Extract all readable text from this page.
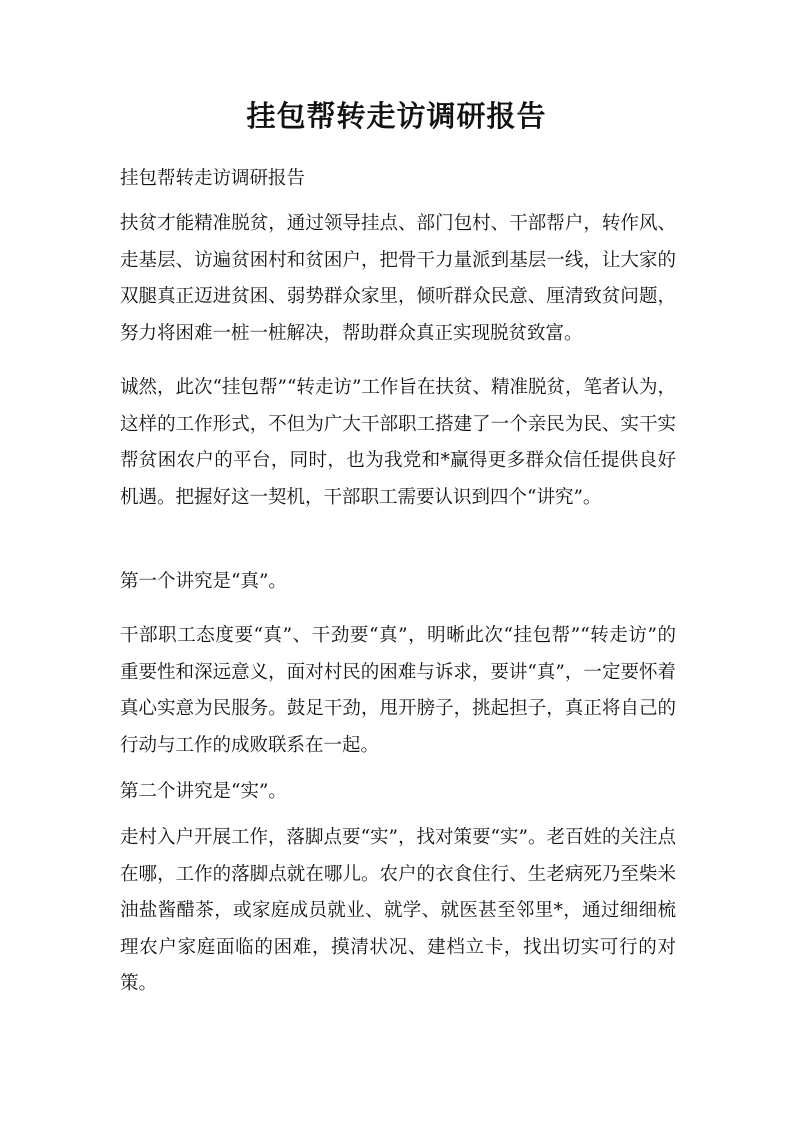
挂包帮转走访调研报告

挂包帮转走访调研报告

扶贫才能精准脱贫，通过领导挂点、部门包村、干部帮户，转作风、走基层、访遍贫困村和贫困户，把骨干力量派到基层一线，让大家的双腿真正迈进贫困、弱势群众家里，倾听群众民意、厘清致贫问题，努力将困难一桩一桩解决，帮助群众真正实现脱贫致富。

诚然，此次“挂包帮”“转走访”工作旨在扶贫、精准脱贫，笔者认为，这样的工作形式，不但为广大干部职工搭建了一个亲民为民、实干实帮贫困农户的平台，同时，也为我党和*赢得更多群众信任提供良好机遇。把握好这一契机，干部职工需要认识到四个“讲究”。

第一个讲究是“真”。

干部职工态度要“真”、干劲要“真”，明晰此次“挂包帮”“转走访”的重要性和深远意义，面对村民的困难与诉求，要讲“真”，一定要怀着真心实意为民服务。鼓足干劲，甩开膀子，挑起担子，真正将自己的行动与工作的成败联系在一起。

第二个讲究是“实”。

走村入户开展工作，落脚点要“实”，找对策要“实”。老百姓的关注点在哪，工作的落脚点就在哪儿。农户的衣食住行、生老病死乃至柴米油盐酱醋茶，或家庭成员就业、就学、就医甚至邻里*，通过细细梳理农户家庭面临的困难，摸清状况、建档立卡，找出切实可行的对策。
